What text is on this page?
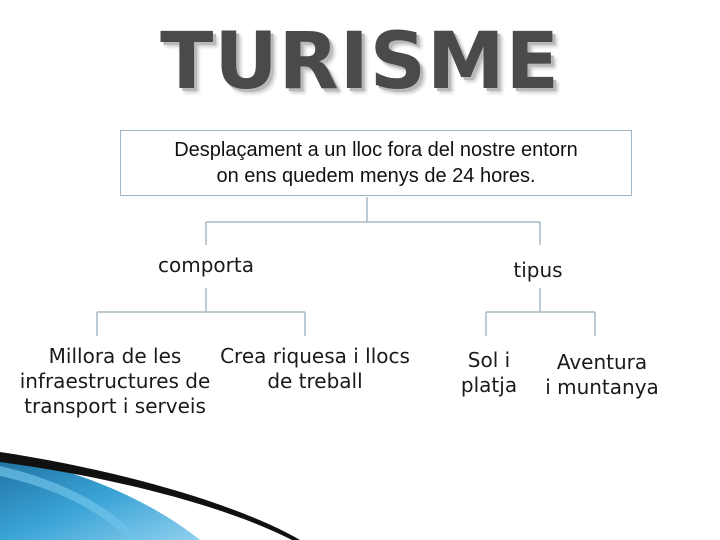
TURISME
Desplaçament a un lloc fora del nostre entorn
on ens quedem menys de 24 hores.
comporta	tipus
Millora de les
infraestructures de
transport i serveis
Crea riquesa i llocs
de treball
Sol i
platja
Aventura
i muntanya
